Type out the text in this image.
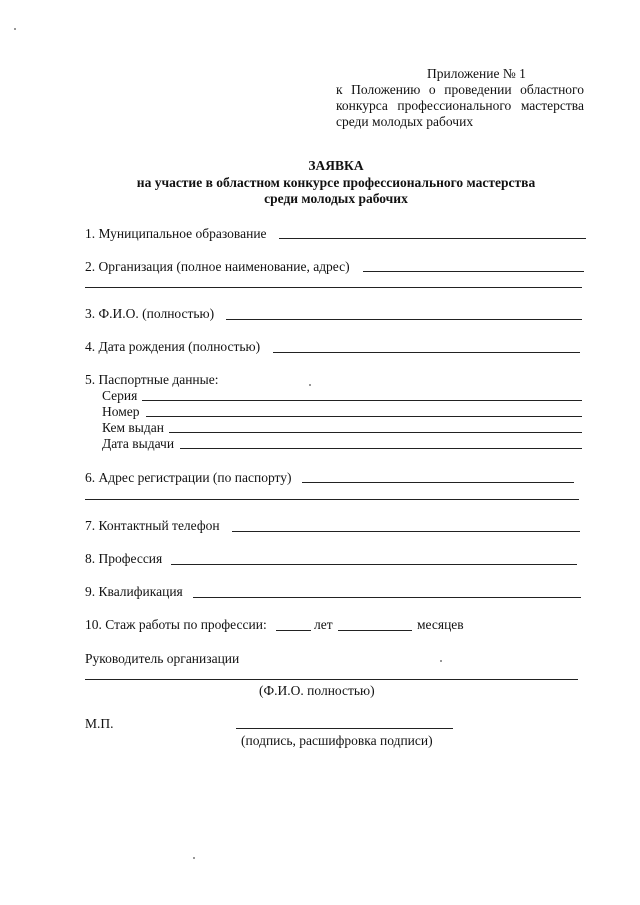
Приложение № 1
к Положению о проведении областного
конкурса профессионального мастерства
среди молодых рабочих
ЗАЯВКА
на участие в областном конкурсе профессионального мастерства
среди молодых рабочих
1. Муниципальное образование
2. Организация (полное наименование, адрес)
3. Ф.И.О. (полностью)
4. Дата рождения (полностью)
5. Паспортные данные:
Серия
Номер
Кем выдан
Дата выдачи
6. Адрес регистрации (по паспорту)
7. Контактный телефон
8. Профессия
9. Квалификация
10. Стаж работы по профессии:	лет	месяцев
Руководитель организации
(Ф.И.О. полностью)
М.П.
(подпись, расшифровка подписи)
